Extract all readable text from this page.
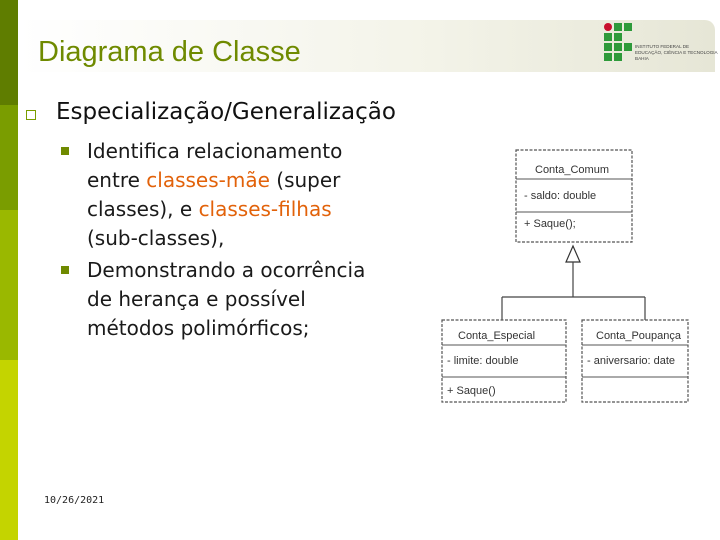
Diagrama de Classe	INSTITUTO FEDERAL DE
EDUCAÇÃO, CIÊNCIA E TECNOLOGIA
BAHIA
Especialização/Generalização
Identifica relacionamento
entre classes-mãe (super
classes), e classes-filhas
(sub-classes),
Demonstrando a ocorrência
de herança e possível
métodos polimórficos;
Conta_Comum
- saldo: double
+ Saque();
Conta_Especial
- limite: double
+ Saque()
Conta_Poupança
- aniversario: date
10/26/2021
